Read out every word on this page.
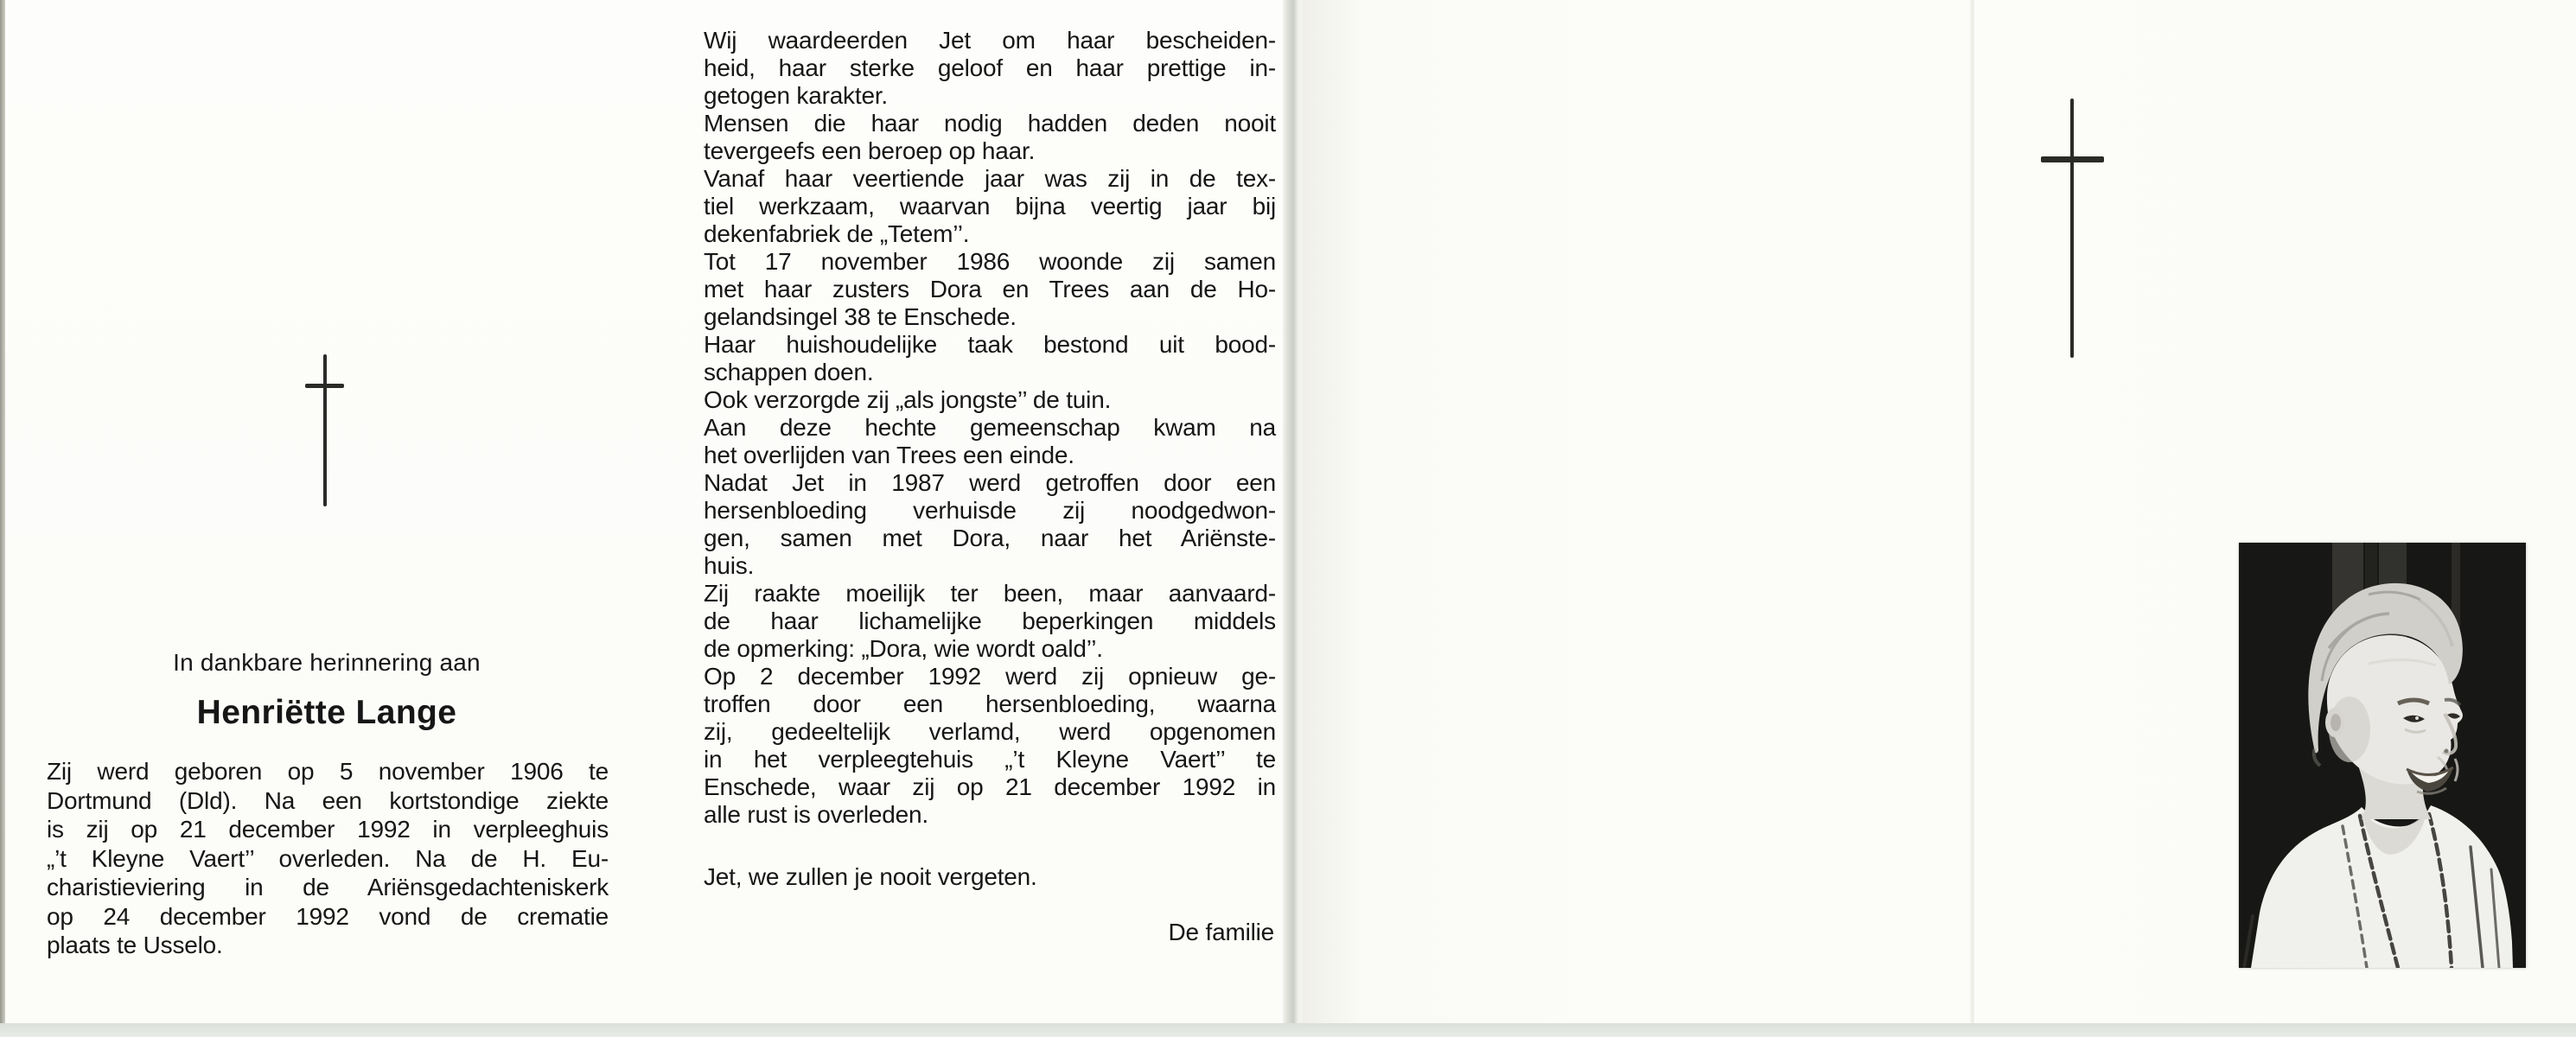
In dankbare herinnering aan
Henriëtte Lange
Zij werd geboren op 5 november 1906 te
Dortmund (Dld). Na een kortstondige ziekte
is zij op 21 december 1992 in verpleeghuis
„’t Kleyne Vaert’’ overleden. Na de H. Eu-
charistieviering in de Ariënsgedachteniskerk
op 24 december 1992 vond de crematie
plaats te Usselo.
Wij waardeerden Jet om haar bescheiden-
heid, haar sterke geloof en haar prettige in-
getogen karakter.
Mensen die haar nodig hadden deden nooit
tevergeefs een beroep op haar.
Vanaf haar veertiende jaar was zij in de tex-
tiel werkzaam, waarvan bijna veertig jaar bij
dekenfabriek de „Tetem’’.
Tot 17 november 1986 woonde zij samen
met haar zusters Dora en Trees aan de Ho-
gelandsingel 38 te Enschede.
Haar huishoudelijke taak bestond uit bood-
schappen doen.
Ook verzorgde zij „als jongste’’ de tuin.
Aan deze hechte gemeenschap kwam na
het overlijden van Trees een einde.
Nadat Jet in 1987 werd getroffen door een
hersenbloeding verhuisde zij noodgedwon-
gen, samen met Dora, naar het Ariënste-
huis.
Zij raakte moeilijk ter been, maar aanvaard-
de haar lichamelijke beperkingen middels
de opmerking: „Dora, wie wordt oald’’.
Op 2 december 1992 werd zij opnieuw ge-
troffen door een hersenbloeding, waarna
zij, gedeeltelijk verlamd, werd opgenomen
in het verpleegtehuis „’t Kleyne Vaert’’ te
Enschede, waar zij op 21 december 1992 in
alle rust is overleden.
Jet, we zullen je nooit vergeten.
De familie
